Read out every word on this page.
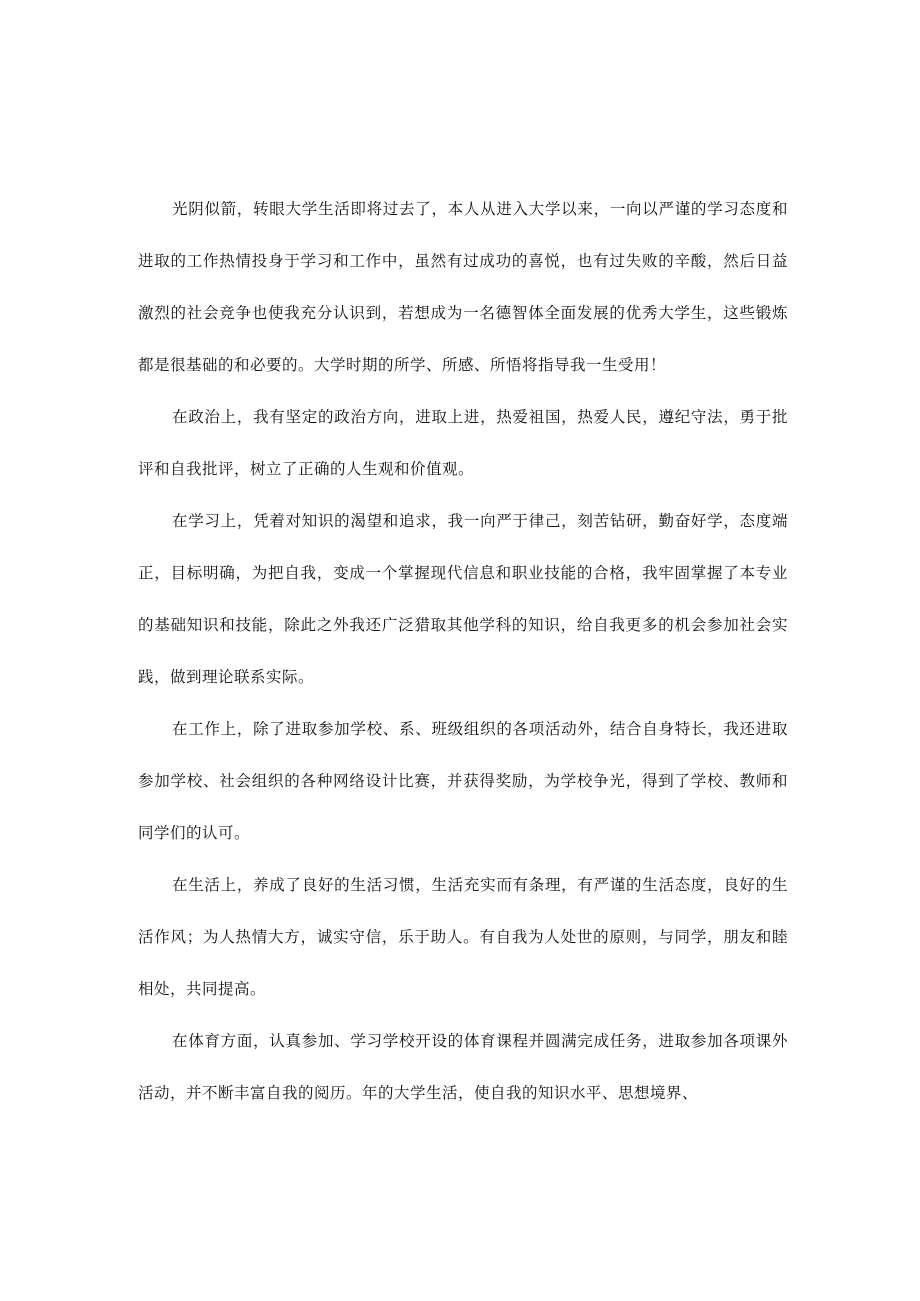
光阴似箭，转眼大学生活即将过去了，本人从进入大学以来，一向以严谨的学习态度和进取的工作热情投身于学习和工作中，虽然有过成功的喜悦，也有过失败的辛酸，然后日益激烈的社会竞争也使我充分认识到，若想成为一名德智体全面发展的优秀大学生，这些锻炼都是很基础的和必要的。大学时期的所学、所感、所悟将指导我一生受用！

在政治上，我有坚定的政治方向，进取上进，热爱祖国，热爱人民，遵纪守法，勇于批评和自我批评，树立了正确的人生观和价值观。

在学习上，凭着对知识的渴望和追求，我一向严于律己，刻苦钻研，勤奋好学，态度端正，目标明确，为把自我，变成一个掌握现代信息和职业技能的合格，我牢固掌握了本专业的基础知识和技能，除此之外我还广泛猎取其他学科的知识，给自我更多的机会参加社会实践，做到理论联系实际。

在工作上，除了进取参加学校、系、班级组织的各项活动外，结合自身特长，我还进取参加学校、社会组织的各种网络设计比赛，并获得奖励，为学校争光，得到了学校、教师和同学们的认可。

在生活上，养成了良好的生活习惯，生活充实而有条理，有严谨的生活态度，良好的生活作风；为人热情大方，诚实守信，乐于助人。有自我为人处世的原则，与同学，朋友和睦相处，共同提高。

在体育方面，认真参加、学习学校开设的体育课程并圆满完成任务，进取参加各项课外活动，并不断丰富自我的阅历。年的大学生活，使自我的知识水平、思想境界、
